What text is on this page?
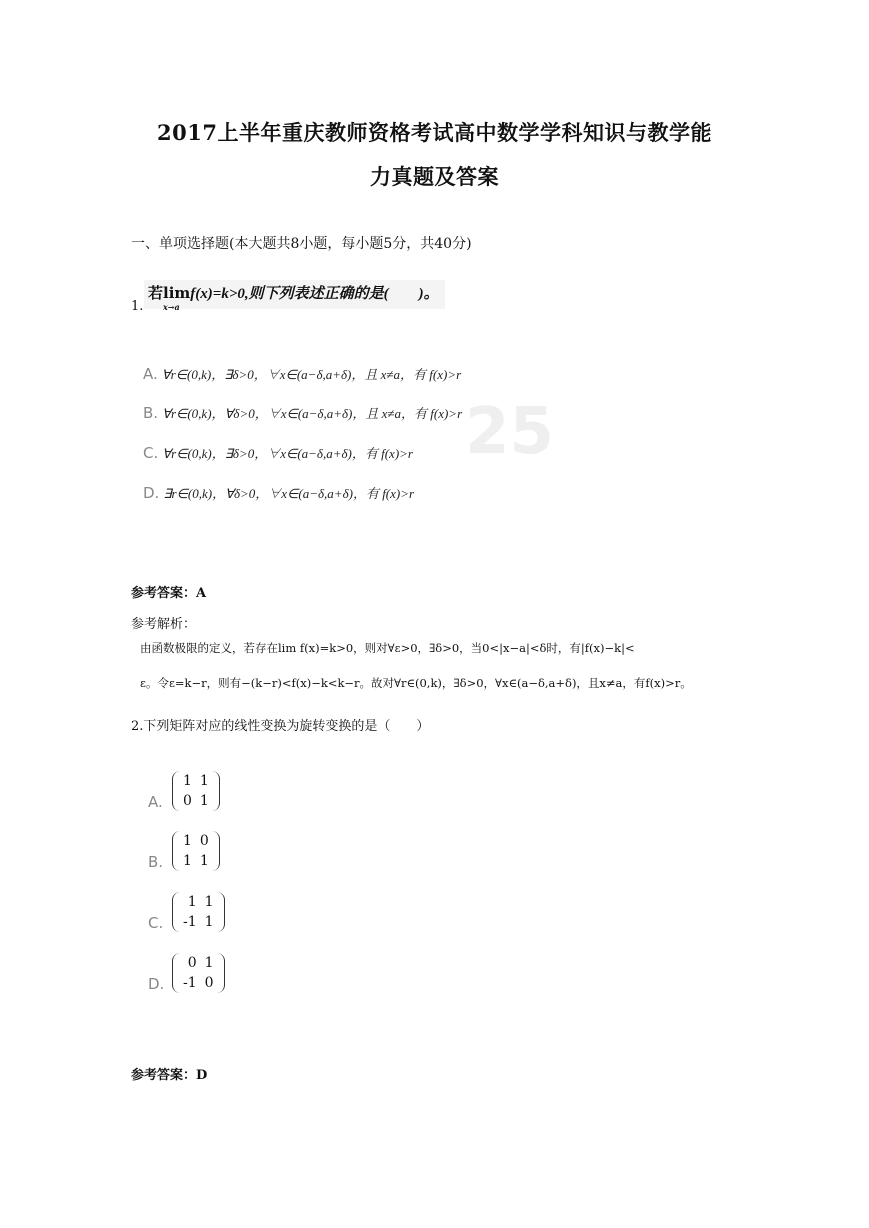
2017上半年重庆教师资格考试高中数学学科知识与教学能
力真题及答案
一、单项选择题(本大题共8小题，每小题5分，共40分)
若lim
x→a
f(x)=k>0,则下列表述正确的是(　　)。
1.
A. ∀r∈(0,k)，∃δ>0，∀x∈(a−δ,a+δ)，且 x≠a，有 f(x)>r
B. ∀r∈(0,k)，∀δ>0，∀x∈(a−δ,a+δ)，且 x≠a，有 f(x)>r
C. ∀r∈(0,k)，∃δ>0，∀x∈(a−δ,a+δ)，有 f(x)>r
D. ∃r∈(0,k)，∀δ>0，∀x∈(a−δ,a+δ)，有 f(x)>r
25
参考答案：A
参考解析：
由函数极限的定义，若存在lim f(x)=k>0，则对∀ε>0，∃δ>0，当0<|x−a|<δ时，有|f(x)−k|<
ε。令ε=k−r，则有−(k−r)<f(x)−k<k−r。故对∀r∈(0,k)，∃δ>0，∀x∈(a−δ,a+δ)，且x≠a，有f(x)>r。
2.下列矩阵对应的线性变换为旋转变换的是（　　）
A.
1	1
0	1
B.
1	0
1	1
C.
1	1
-1	1
D.
0	1
-1	0
参考答案：D
